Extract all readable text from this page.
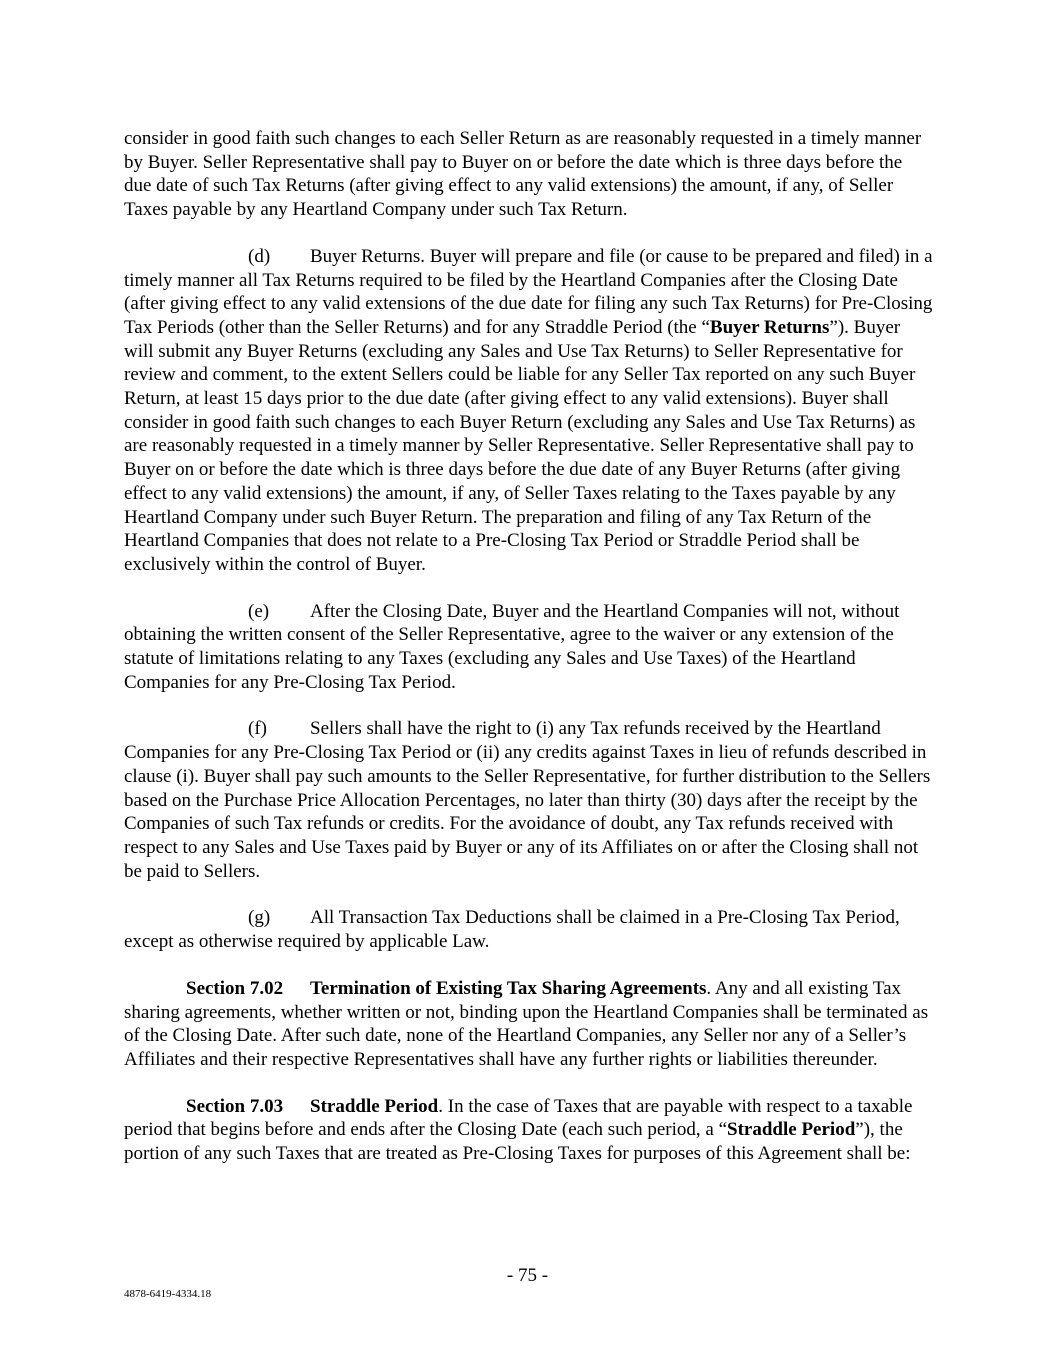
consider in good faith such changes to each Seller Return as are reasonably requested in a timely manner by Buyer. Seller Representative shall pay to Buyer on or before the date which is three days before the due date of such Tax Returns (after giving effect to any valid extensions) the amount, if any, of Seller Taxes payable by any Heartland Company under such Tax Return.

(d) Buyer Returns. Buyer will prepare and file (or cause to be prepared and filed) in a timely manner all Tax Returns required to be filed by the Heartland Companies after the Closing Date (after giving effect to any valid extensions of the due date for filing any such Tax Returns) for Pre-Closing Tax Periods (other than the Seller Returns) and for any Straddle Period (the “Buyer Returns”). Buyer will submit any Buyer Returns (excluding any Sales and Use Tax Returns) to Seller Representative for review and comment, to the extent Sellers could be liable for any Seller Tax reported on any such Buyer Return, at least 15 days prior to the due date (after giving effect to any valid extensions). Buyer shall consider in good faith such changes to each Buyer Return (excluding any Sales and Use Tax Returns) as are reasonably requested in a timely manner by Seller Representative. Seller Representative shall pay to Buyer on or before the date which is three days before the due date of any Buyer Returns (after giving effect to any valid extensions) the amount, if any, of Seller Taxes relating to the Taxes payable by any Heartland Company under such Buyer Return. The preparation and filing of any Tax Return of the Heartland Companies that does not relate to a Pre-Closing Tax Period or Straddle Period shall be exclusively within the control of Buyer.

(e) After the Closing Date, Buyer and the Heartland Companies will not, without obtaining the written consent of the Seller Representative, agree to the waiver or any extension of the statute of limitations relating to any Taxes (excluding any Sales and Use Taxes) of the Heartland Companies for any Pre-Closing Tax Period.

(f) Sellers shall have the right to (i) any Tax refunds received by the Heartland Companies for any Pre-Closing Tax Period or (ii) any credits against Taxes in lieu of refunds described in clause (i). Buyer shall pay such amounts to the Seller Representative, for further distribution to the Sellers based on the Purchase Price Allocation Percentages, no later than thirty (30) days after the receipt by the Companies of such Tax refunds or credits. For the avoidance of doubt, any Tax refunds received with respect to any Sales and Use Taxes paid by Buyer or any of its Affiliates on or after the Closing shall not be paid to Sellers.

(g) All Transaction Tax Deductions shall be claimed in a Pre-Closing Tax Period, except as otherwise required by applicable Law.

Section 7.02 Termination of Existing Tax Sharing Agreements. Any and all existing Tax sharing agreements, whether written or not, binding upon the Heartland Companies shall be terminated as of the Closing Date. After such date, none of the Heartland Companies, any Seller nor any of a Seller’s Affiliates and their respective Representatives shall have any further rights or liabilities thereunder.

Section 7.03 Straddle Period. In the case of Taxes that are payable with respect to a taxable period that begins before and ends after the Closing Date (each such period, a “Straddle Period”), the portion of any such Taxes that are treated as Pre-Closing Taxes for purposes of this Agreement shall be:

- 75 -
4878-6419-4334.18
